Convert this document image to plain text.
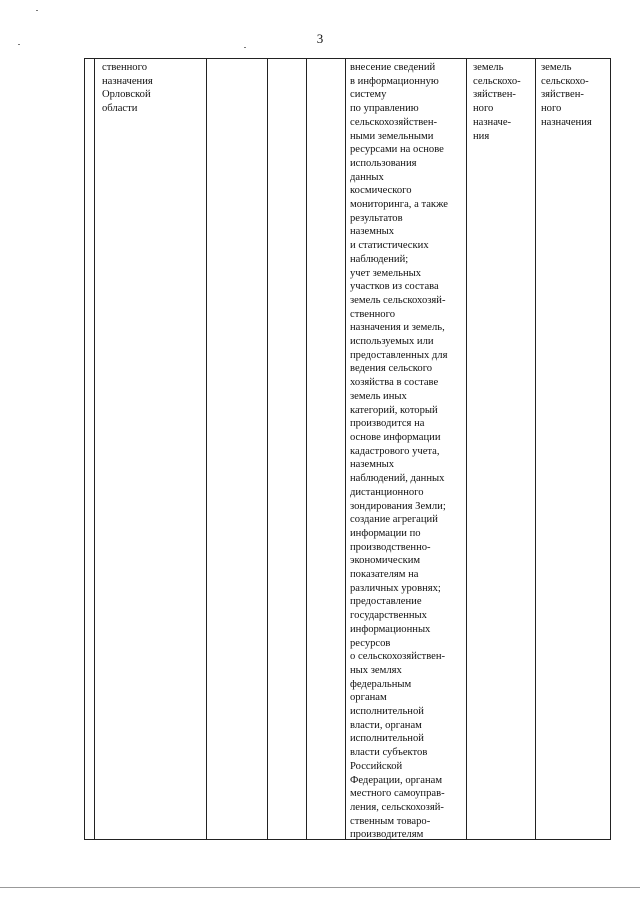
3
ственного
назначения
Орловской
области
внесение сведений
в информационную
систему
по управлению
сельскохозяйствен-
ными земельными
ресурсами на основе
использования
данных
космического
мониторинга, а также
результатов
наземных
и статистических
наблюдений;
учет земельных
участков из состава
земель сельскохозяй-
ственного
назначения и земель,
используемых или
предоставленных для
ведения сельского
хозяйства в составе
земель иных
категорий, который
производится на
основе информации
кадастрового учета,
наземных
наблюдений, данных
дистанционного
зондирования Земли;
создание агрегаций
информации по
производственно-
экономическим
показателям на
различных уровнях;
предоставление
государственных
информационных
ресурсов
о сельскохозяйствен-
ных землях
федеральным
органам
исполнительной
власти, органам
исполнительной
власти субъектов
Российской
Федерации, органам
местного самоуправ-
ления, сельскохозяй-
ственным товаро-
производителям
земель
сельскохо-
зяйствен-
ного
назначе-
ния
земель
сельскохо-
зяйствен-
ного
назначения
